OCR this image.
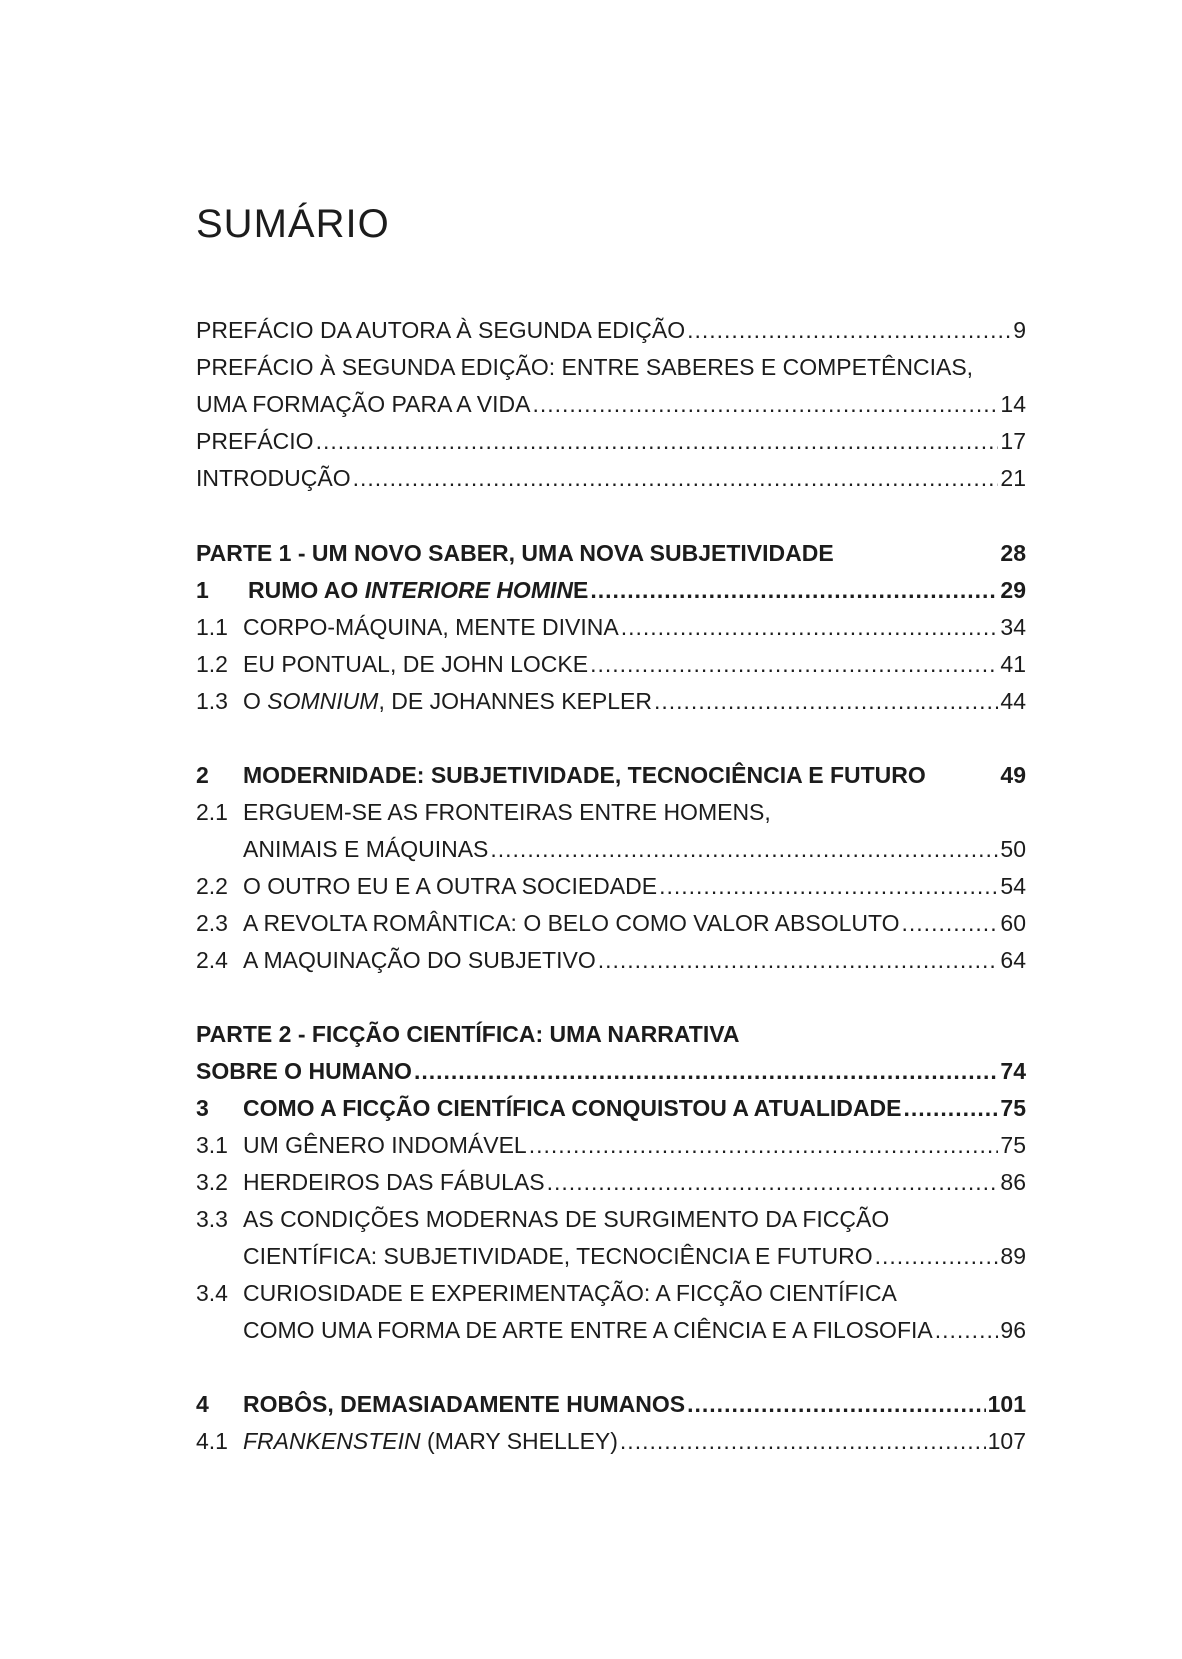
SUMÁRIO
PREFÁCIO DA AUTORA À SEGUNDA EDIÇÃO .....	9
PREFÁCIO À SEGUNDA EDIÇÃO: ENTRE SABERES E COMPETÊNCIAS,
UMA FORMAÇÃO PARA A VIDA .....	14
PREFÁCIO .....	17
INTRODUÇÃO .....	21
PARTE 1 - UM NOVO SABER, UMA NOVA SUBJETIVIDADE	28
1	RUMO AO INTERIORE HOMINE .....	29
1.1 CORPO-MÁQUINA, MENTE DIVINA .....	34
1.2 EU PONTUAL, DE JOHN LOCKE .....	41
1.3 O SOMNIUM, DE JOHANNES KEPLER .....	44
2	MODERNIDADE: SUBJETIVIDADE, TECNOCIÊNCIA E FUTURO	49
2.1 ERGUEM-SE AS FRONTEIRAS ENTRE HOMENS,
ANIMAIS E MÁQUINAS .....	50
2.2 O OUTRO EU E A OUTRA SOCIEDADE .....	54
2.3 A REVOLTA ROMÂNTICA: O BELO COMO VALOR ABSOLUTO .....	60
2.4 A MAQUINAÇÃO DO SUBJETIVO .....	64
PARTE 2 - FICÇÃO CIENTÍFICA: UMA NARRATIVA
SOBRE O HUMANO .....	74
3	COMO A FICÇÃO CIENTÍFICA CONQUISTOU A ATUALIDADE .....	75
3.1 UM GÊNERO INDOMÁVEL .....	75
3.2 HERDEIROS DAS FÁBULAS .....	86
3.3 AS CONDIÇÕES MODERNAS DE SURGIMENTO DA FICÇÃO
CIENTÍFICA: SUBJETIVIDADE, TECNOCIÊNCIA E FUTURO .....	89
3.4 CURIOSIDADE E EXPERIMENTAÇÃO: A FICÇÃO CIENTÍFICA
COMO UMA FORMA DE ARTE ENTRE A CIÊNCIA E A FILOSOFIA .....	96
4	ROBÔS, DEMASIADAMENTE HUMANOS .....	101
4.1 FRANKENSTEIN (MARY SHELLEY) .....	107
